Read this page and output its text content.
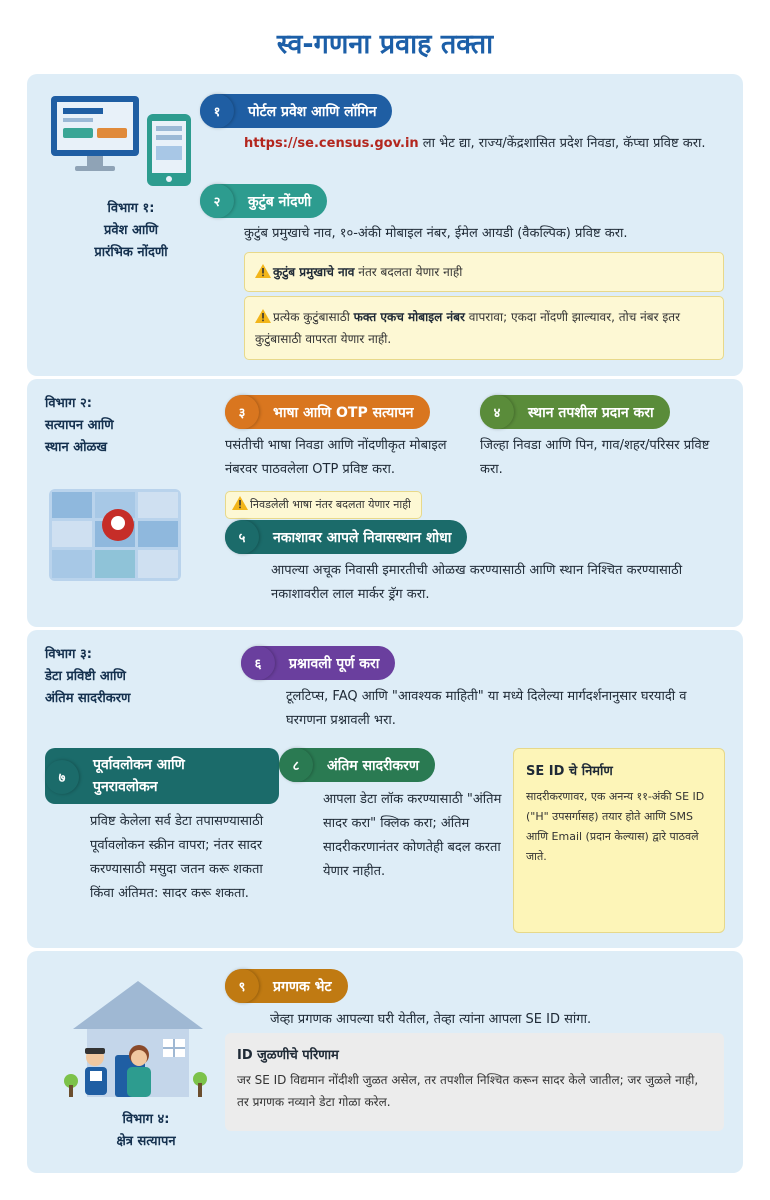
स्व-गणना प्रवाह तक्ता
विभाग १:
प्रवेश आणि
प्रारंभिक नोंदणी
१	पोर्टल प्रवेश आणि लॉगिन
https://se.census.gov.in ला भेट द्या, राज्य/केंद्रशासित प्रदेश निवडा, कॅप्चा प्रविष्ट करा.
२	कुटुंब नोंदणी
कुटुंब प्रमुखाचे नाव, १०-अंकी मोबाइल नंबर, ईमेल आयडी (वैकल्पिक) प्रविष्ट करा.
कुटुंब प्रमुखाचे नाव नंतर बदलता येणार नाही
प्रत्येक कुटुंबासाठी फक्त एकच मोबाइल नंबर वापरावा; एकदा नोंदणी झाल्यावर, तोच नंबर इतर कुटुंबासाठी वापरता येणार नाही.
विभाग २:
सत्यापन आणि
स्थान ओळख
३	भाषा आणि OTP सत्यापन
पसंतीची भाषा निवडा आणि नोंदणीकृत मोबाइल नंबरवर पाठवलेला OTP प्रविष्ट करा.
४	स्थान तपशील प्रदान करा
जिल्हा निवडा आणि पिन, गाव/शहर/परिसर प्रविष्ट करा.
निवडलेली भाषा नंतर बदलता येणार नाही
५	नकाशावर आपले निवासस्थान शोधा
आपल्या अचूक निवासी इमारतीची ओळख करण्यासाठी आणि स्थान निश्चित करण्यासाठी नकाशावरील लाल मार्कर ड्रॅग करा.
विभाग ३:
डेटा प्रविष्टी आणि
अंतिम सादरीकरण
६	प्रश्नावली पूर्ण करा
टूलटिप्स, FAQ आणि "आवश्यक माहिती" या मध्ये दिलेल्या मार्गदर्शनानुसार घरयादी व घरगणना प्रश्नावली भरा.
७
पूर्वावलोकन आणि
पुनरावलोकन
प्रविष्ट केलेला सर्व डेटा तपासण्यासाठी पूर्वावलोकन स्क्रीन वापरा; नंतर सादर करण्यासाठी मसुदा जतन करू शकता किंवा अंतिमत: सादर करू शकता.
८	अंतिम सादरीकरण
आपला डेटा लॉक करण्यासाठी "अंतिम सादर करा" क्लिक करा; अंतिम सादरीकरणानंतर कोणतेही बदल करता येणार नाहीत.
SE ID चे निर्माण
सादरीकरणावर, एक अनन्य ११-अंकी SE ID ("H" उपसर्गासह) तयार होते आणि SMS आणि Email (प्रदान केल्यास) द्वारे पाठवले जाते.
विभाग ४:
क्षेत्र सत्यापन
९	प्रगणक भेट
जेव्हा प्रगणक आपल्या घरी येतील, तेव्हा त्यांना आपला SE ID सांगा.
ID जुळणीचे परिणाम
जर SE ID विद्यमान नोंदीशी जुळत असेल, तर तपशील निश्चित करून सादर केले जातील; जर जुळले नाही, तर प्रगणक नव्याने डेटा गोळा करेल.
